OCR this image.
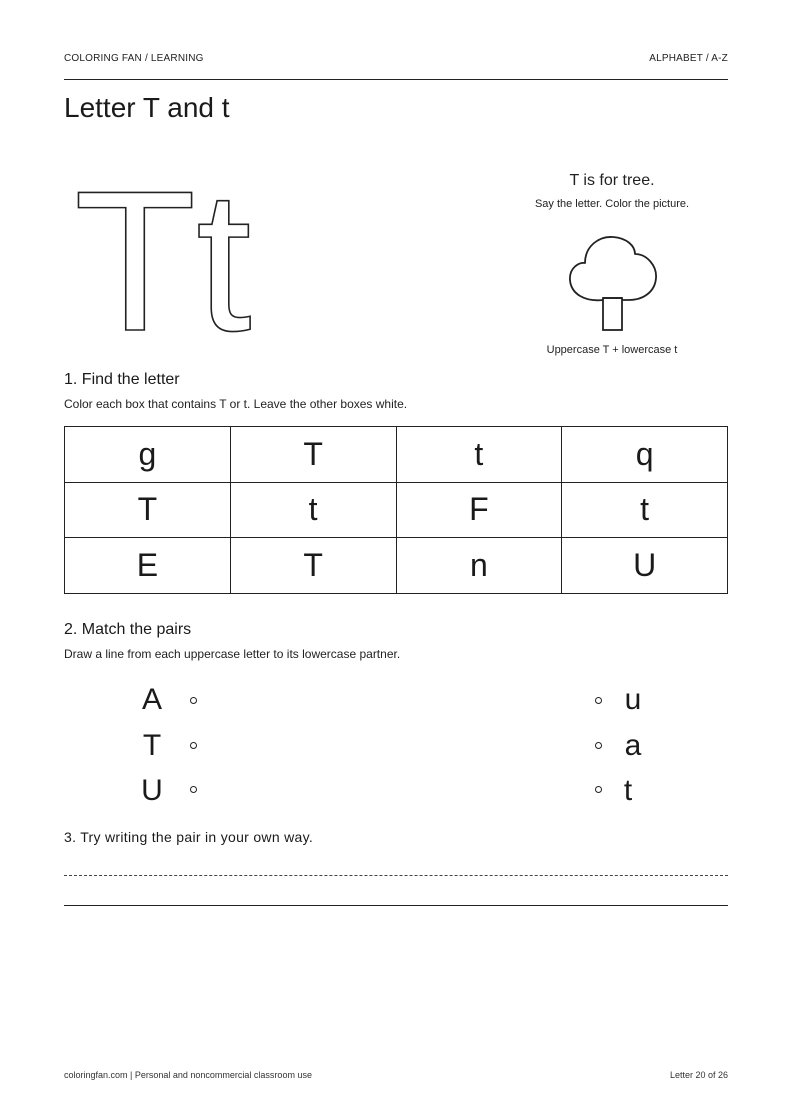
COLORING FAN / LEARNING	ALPHABET / A-Z
Letter T and t
T t	T is for tree.
Say the letter. Color the picture.
Uppercase T + lowercase t
1. Find the letter
Color each box that contains T or t. Leave the other boxes white.
g	T	t	q
T	t	F	t
E	T	n	U
2. Match the pairs
Draw a line from each uppercase letter to its lowercase partner.
A
T
U
u
a
t
3. Try writing the pair in your own way.
coloringfan.com | Personal and noncommercial classroom use	Letter 20 of 26
